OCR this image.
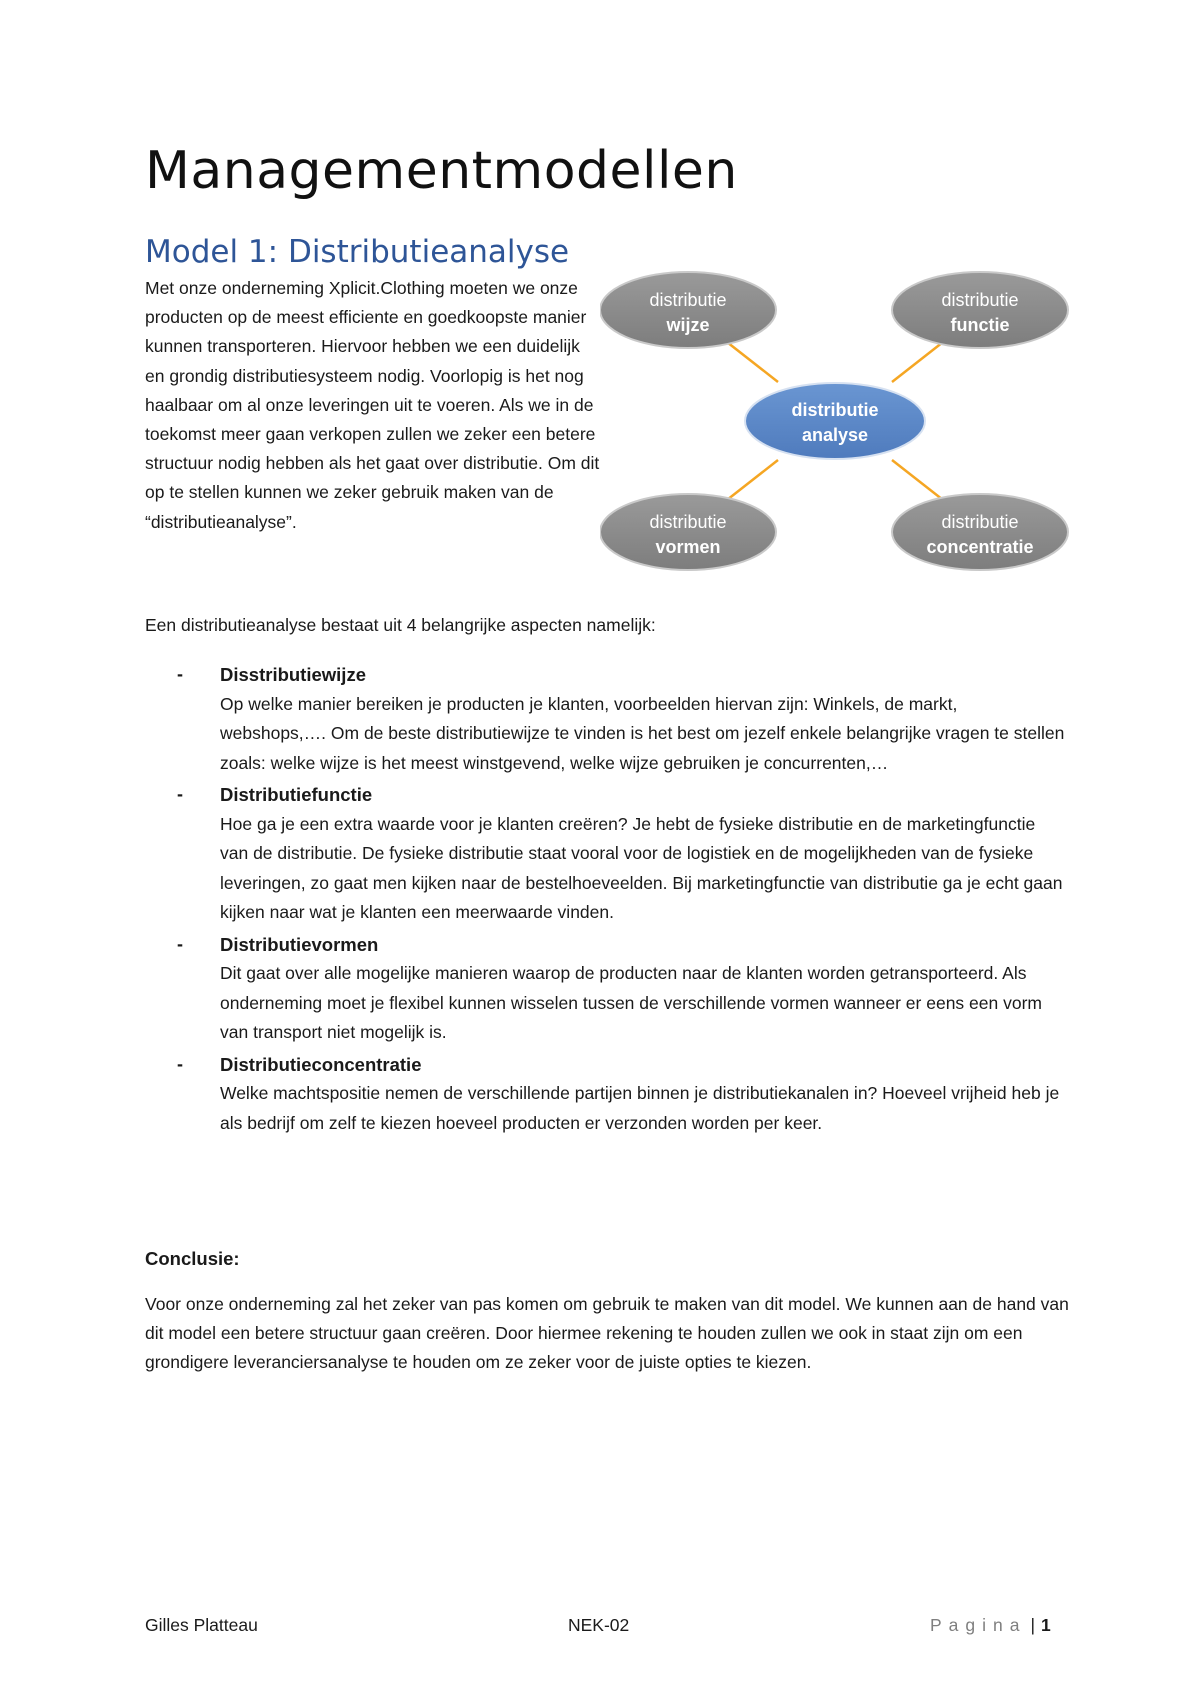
Managementmodellen
Model 1: Distributieanalyse
Met onze onderneming Xplicit.Clothing moeten we onze producten op de meest efficiente en goedkoopste manier kunnen transporteren. Hiervoor hebben we een duidelijk en grondig distributiesysteem nodig. Voorlopig is het nog haalbaar om al onze leveringen uit te voeren. Als we in de toekomst meer gaan verkopen zullen we zeker een betere structuur nodig hebben als het gaat over distributie. Om dit op te stellen kunnen we zeker gebruik maken van de “distributieanalyse”.
distributie
wijze
distributie
functie
distributie
vormen
distributie
concentratie
distributie
analyse
Een distributieanalyse bestaat uit 4 belangrijke aspecten namelijk:
- Disstributiewijze
Op welke manier bereiken je producten je klanten, voorbeelden hiervan zijn: Winkels, de markt, webshops,…. Om de beste distributiewijze te vinden is het best om jezelf enkele belangrijke vragen te stellen zoals: welke wijze is het meest winstgevend, welke wijze gebruiken je concurrenten,…
- Distributiefunctie
Hoe ga je een extra waarde voor je klanten creëren? Je hebt de fysieke distributie en de marketingfunctie van de distributie. De fysieke distributie staat vooral voor de logistiek en de mogelijkheden van de fysieke leveringen, zo gaat men kijken naar de bestelhoeveelden. Bij marketingfunctie van distributie ga je echt gaan kijken naar wat je klanten een meerwaarde vinden.
- Distributievormen
Dit gaat over alle mogelijke manieren waarop de producten naar de klanten worden getransporteerd. Als onderneming moet je flexibel kunnen wisselen tussen de verschillende vormen wanneer er eens een vorm van transport niet mogelijk is.
- Distributieconcentratie
Welke machtspositie nemen de verschillende partijen binnen je distributiekanalen in? Hoeveel vrijheid heb je als bedrijf om zelf te kiezen hoeveel producten er verzonden worden per keer.
Conclusie:
Voor onze onderneming zal het zeker van pas komen om gebruik te maken van dit model. We kunnen aan de hand van dit model een betere structuur gaan creëren. Door hiermee rekening te houden zullen we ook in staat zijn om een grondigere leveranciersanalyse te houden om ze zeker voor de juiste opties te kiezen.
Gilles Platteau	NEK-02	Pagina | 1
